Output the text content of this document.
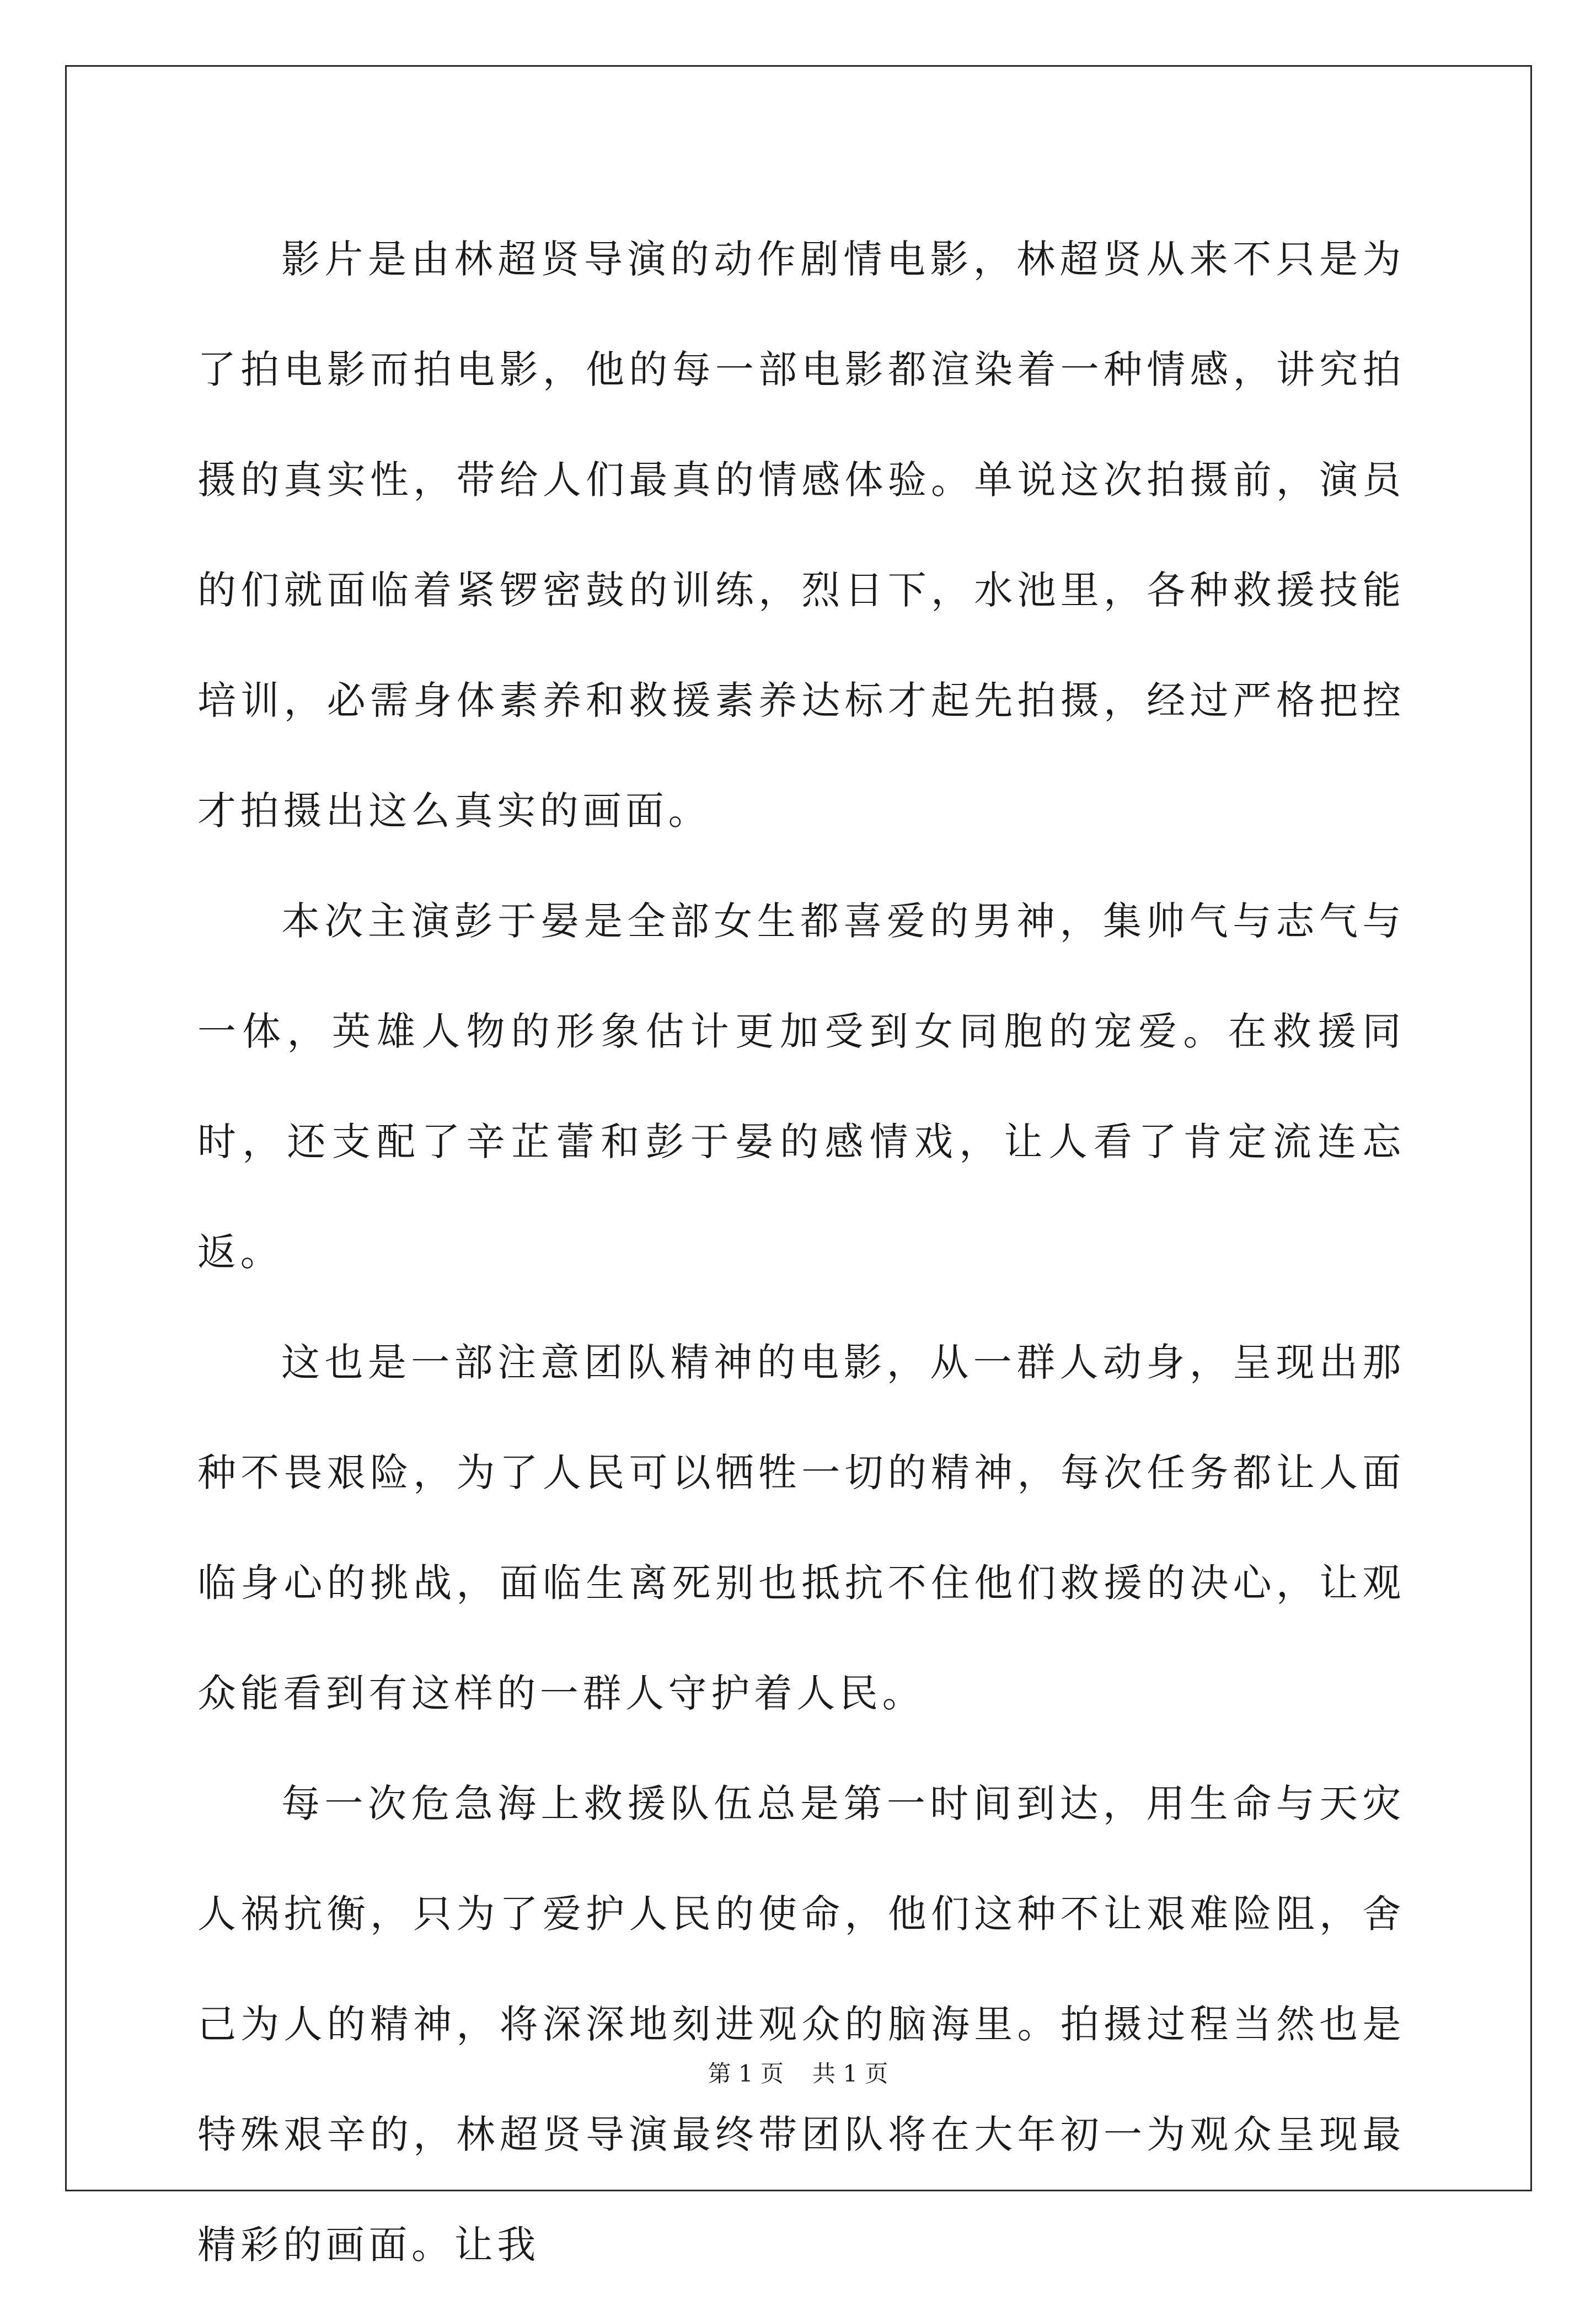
影片是由林超贤导演的动作剧情电影，林超贤从来不只是为了拍电影而拍电影，他的每一部电影都渲染着一种情感，讲究拍摄的真实性，带给人们最真的情感体验。单说这次拍摄前，演员的们就面临着紧锣密鼓的训练，烈日下，水池里，各种救援技能培训，必需身体素养和救援素养达标才起先拍摄，经过严格把控才拍摄出这么真实的画面。

本次主演彭于晏是全部女生都喜爱的男神，集帅气与志气与一体，英雄人物的形象估计更加受到女同胞的宠爱。在救援同时，还支配了辛芷蕾和彭于晏的感情戏，让人看了肯定流连忘返。

这也是一部注意团队精神的电影，从一群人动身，呈现出那种不畏艰险，为了人民可以牺牲一切的精神，每次任务都让人面临身心的挑战，面临生离死别也抵抗不住他们救援的决心，让观众能看到有这样的一群人守护着人民。

每一次危急海上救援队伍总是第一时间到达，用生命与天灾人祸抗衡，只为了爱护人民的使命，他们这种不让艰难险阻，舍己为人的精神，将深深地刻进观众的脑海里。拍摄过程当然也是特殊艰辛的，林超贤导演最终带团队将在大年初一为观众呈现最精彩的画面。让我

第 1 页 共 1 页
